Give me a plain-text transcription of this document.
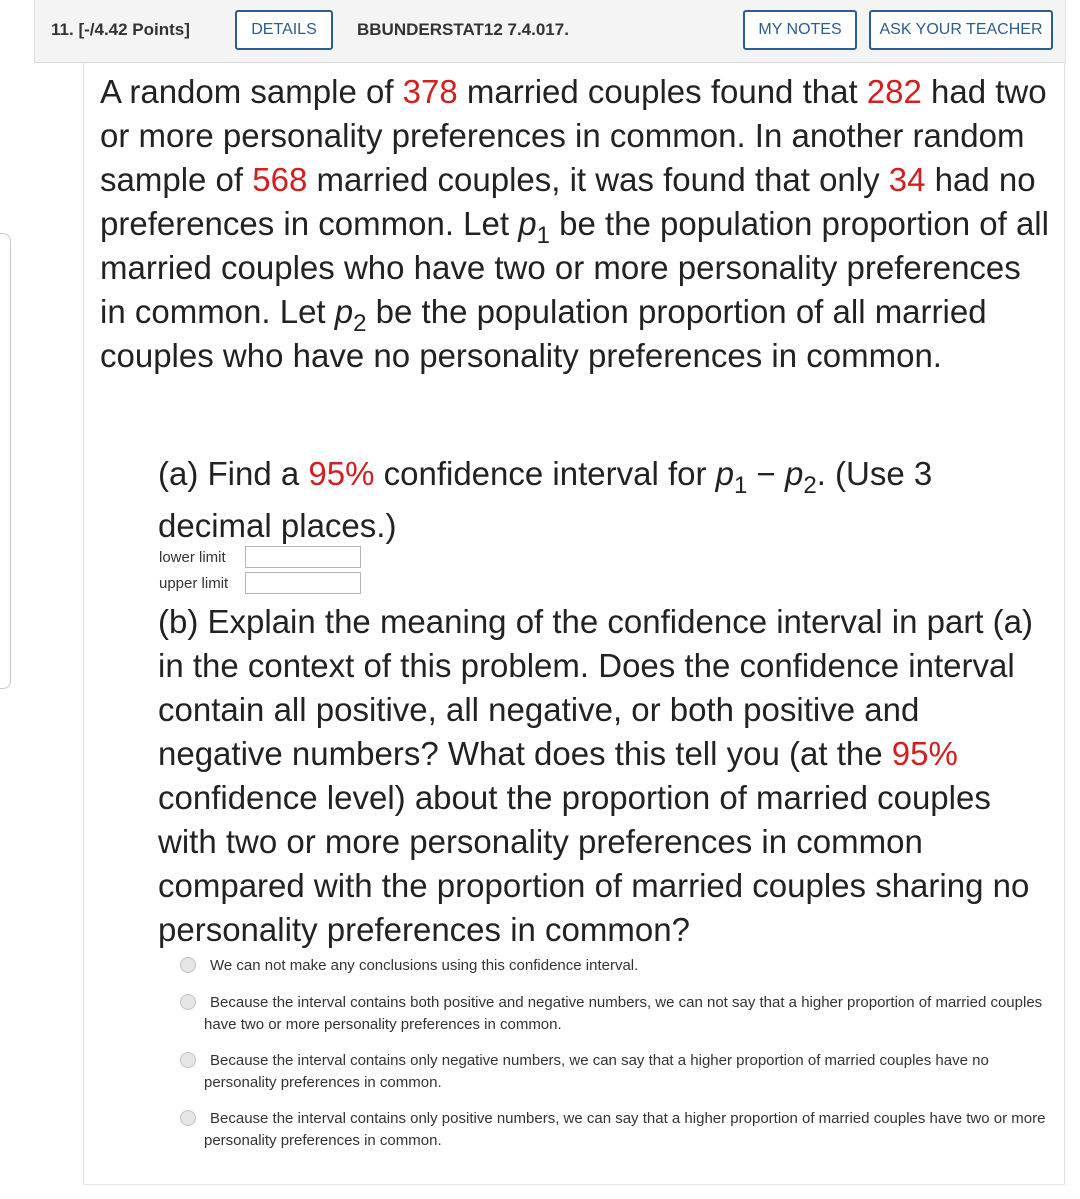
11. [-/4.42 Points]	DETAILS	BBUNDERSTAT12 7.4.017.	MY NOTES	ASK YOUR TEACHER

A random sample of 378 married couples found that 282 had two or more personality preferences in common. In another random sample of 568 married couples, it was found that only 34 had no preferences in common. Let $p_1$ be the population proportion of all married couples who have two or more personality preferences in common. Let $p_2$ be the population proportion of all married couples who have no personality preferences in common.

(a) Find a 95% confidence interval for $p_1 - p_2$. (Use 3 decimal places.)
lower limit
upper limit
(b) Explain the meaning of the confidence interval in part (a) in the context of this problem. Does the confidence interval contain all positive, all negative, or both positive and negative numbers? What does this tell you (at the 95% confidence level) about the proportion of married couples with two or more personality preferences in common compared with the proportion of married couples sharing no personality preferences in common?
We can not make any conclusions using this confidence interval.
Because the interval contains both positive and negative numbers, we can not say that a higher proportion of married couples have two or more personality preferences in common.
Because the interval contains only negative numbers, we can say that a higher proportion of married couples have no personality preferences in common.
Because the interval contains only positive numbers, we can say that a higher proportion of married couples have two or more personality preferences in common.
